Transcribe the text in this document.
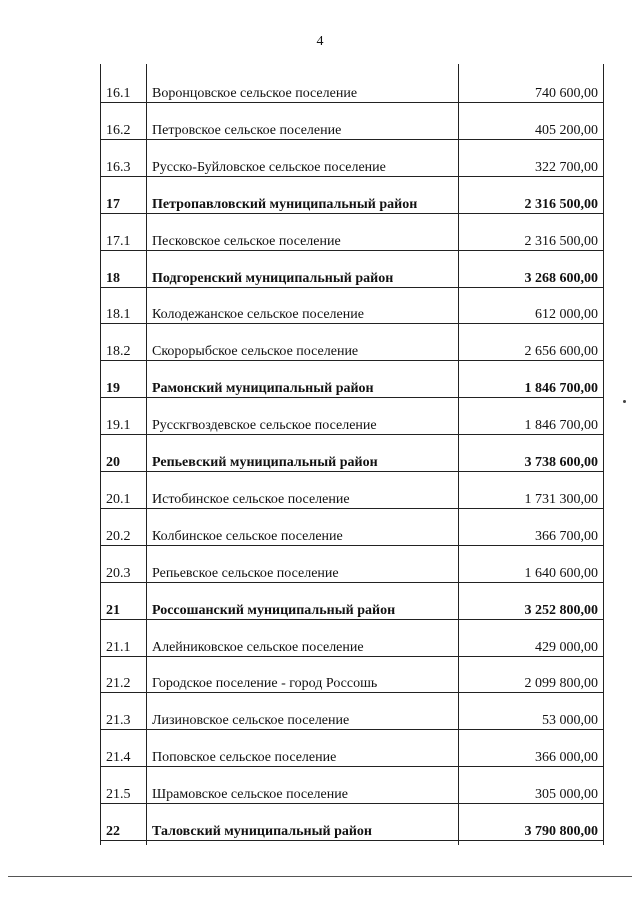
4
16.1 Воронцовское сельское поселение	740 600,00
16.2 Петровское сельское поселение	405 200,00
16.3 Русско-Буйловское сельское поселение	322 700,00
17 Петропавловский муниципальный район	2 316 500,00
17.1 Песковское сельское поселение	2 316 500,00
18 Подгоренский муниципальный район	3 268 600,00
18.1 Колодежанское сельское поселение	612 000,00
18.2 Скорорыбское сельское поселение	2 656 600,00
19 Рамонский муниципальный район	1 846 700,00
19.1 Русскгвоздевское сельское поселение	1 846 700,00
20 Репьевский муниципальный район	3 738 600,00
20.1 Истобинское сельское поселение	1 731 300,00
20.2 Колбинское сельское поселение	366 700,00
20.3 Репьевское сельское поселение	1 640 600,00
21 Россошанский муниципальный район	3 252 800,00
21.1 Алейниковское сельское поселение	429 000,00
21.2 Городское поселение - город Россошь	2 099 800,00
21.3 Лизиновское сельское поселение	53 000,00
21.4 Поповское сельское поселение	366 000,00
21.5 Шрамовское сельское поселение	305 000,00
22 Таловский муниципальный район	3 790 800,00
